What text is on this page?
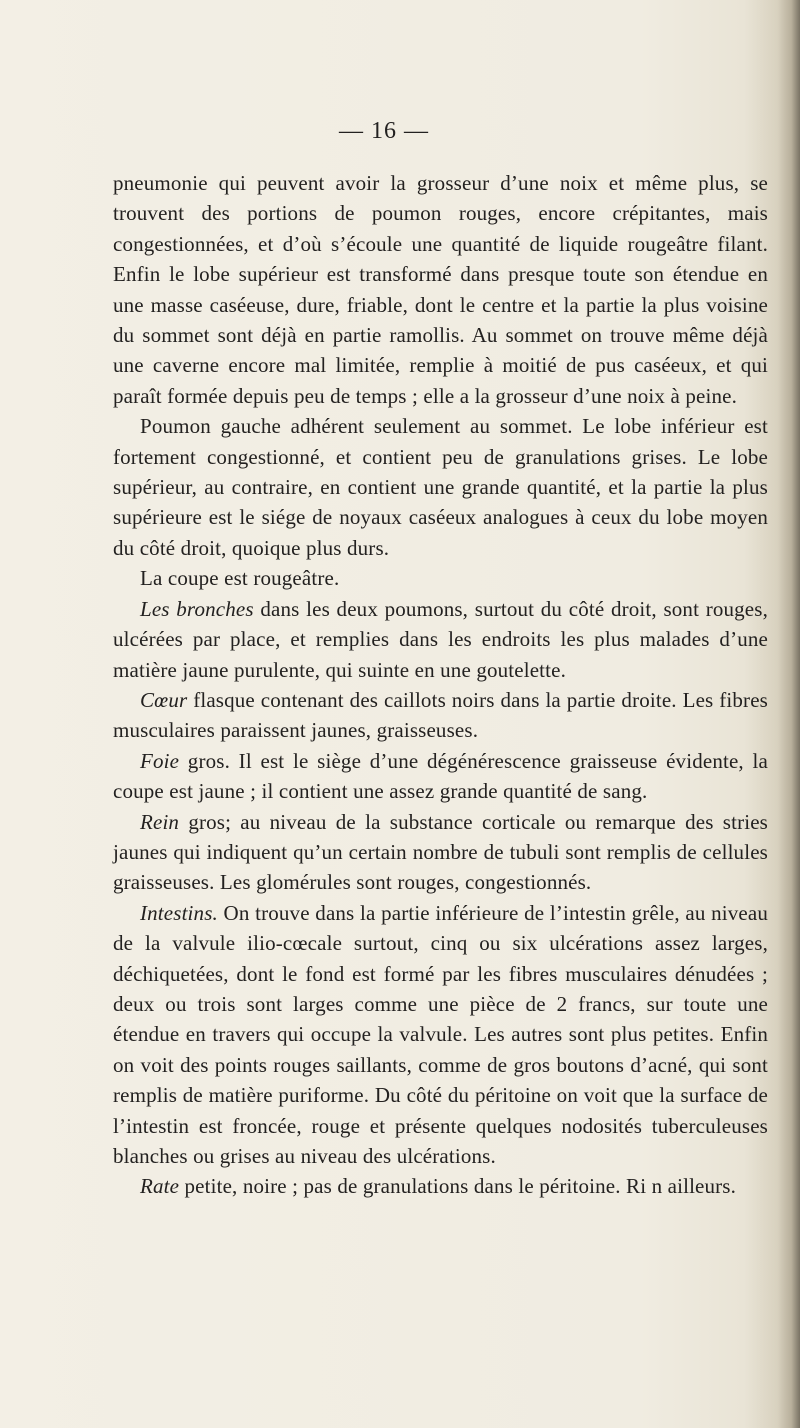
— 16 —

pneumonie qui peuvent avoir la grosseur d’une noix et même plus, se trouvent des portions de poumon rouges, encore crépitantes, mais congestionnées, et d’où s’écoule une quantité de liquide rougeâtre filant. Enfin le lobe supérieur est transformé dans presque toute son étendue en une masse caséeuse, dure, friable, dont le centre et la partie la plus voisine du sommet sont déjà en partie ramollis. Au sommet on trouve même déjà une caverne encore mal limitée, remplie à moitié de pus caséeux, et qui paraît formée depuis peu de temps ; elle a la grosseur d’une noix à peine.

Poumon gauche adhérent seulement au sommet. Le lobe inférieur est fortement congestionné, et contient peu de granulations grises. Le lobe supérieur, au contraire, en contient une grande quantité, et la partie la plus supérieure est le siége de noyaux caséeux analogues à ceux du lobe moyen du côté droit, quoique plus durs.

La coupe est rougeâtre.

Les bronches dans les deux poumons, surtout du côté droit, sont rouges, ulcérées par place, et remplies dans les endroits les plus malades d’une matière jaune purulente, qui suinte en une goutelette.

Cœur flasque contenant des caillots noirs dans la partie droite. Les fibres musculaires paraissent jaunes, graisseuses.

Foie gros. Il est le siège d’une dégénérescence graisseuse évidente, la coupe est jaune ; il contient une assez grande quantité de sang.

Rein gros; au niveau de la substance corticale ou remarque des stries jaunes qui indiquent qu’un certain nombre de tubuli sont remplis de cellules graisseuses. Les glomérules sont rouges, congestionnés.

Intestins. On trouve dans la partie inférieure de l’intestin grêle, au niveau de la valvule ilio-cœcale surtout, cinq ou six ulcérations assez larges, déchiquetées, dont le fond est formé par les fibres musculaires dénudées ; deux ou trois sont larges comme une pièce de 2 francs, sur toute une étendue en travers qui occupe la valvule. Les autres sont plus petites. Enfin on voit des points rouges saillants, comme de gros boutons d’acné, qui sont remplis de matière puriforme. Du côté du péritoine on voit que la surface de l’intestin est froncée, rouge et présente quelques nodosités tuberculeuses blanches ou grises au niveau des ulcérations.

Rate petite, noire ; pas de granulations dans le péritoine. Ri n ailleurs.
